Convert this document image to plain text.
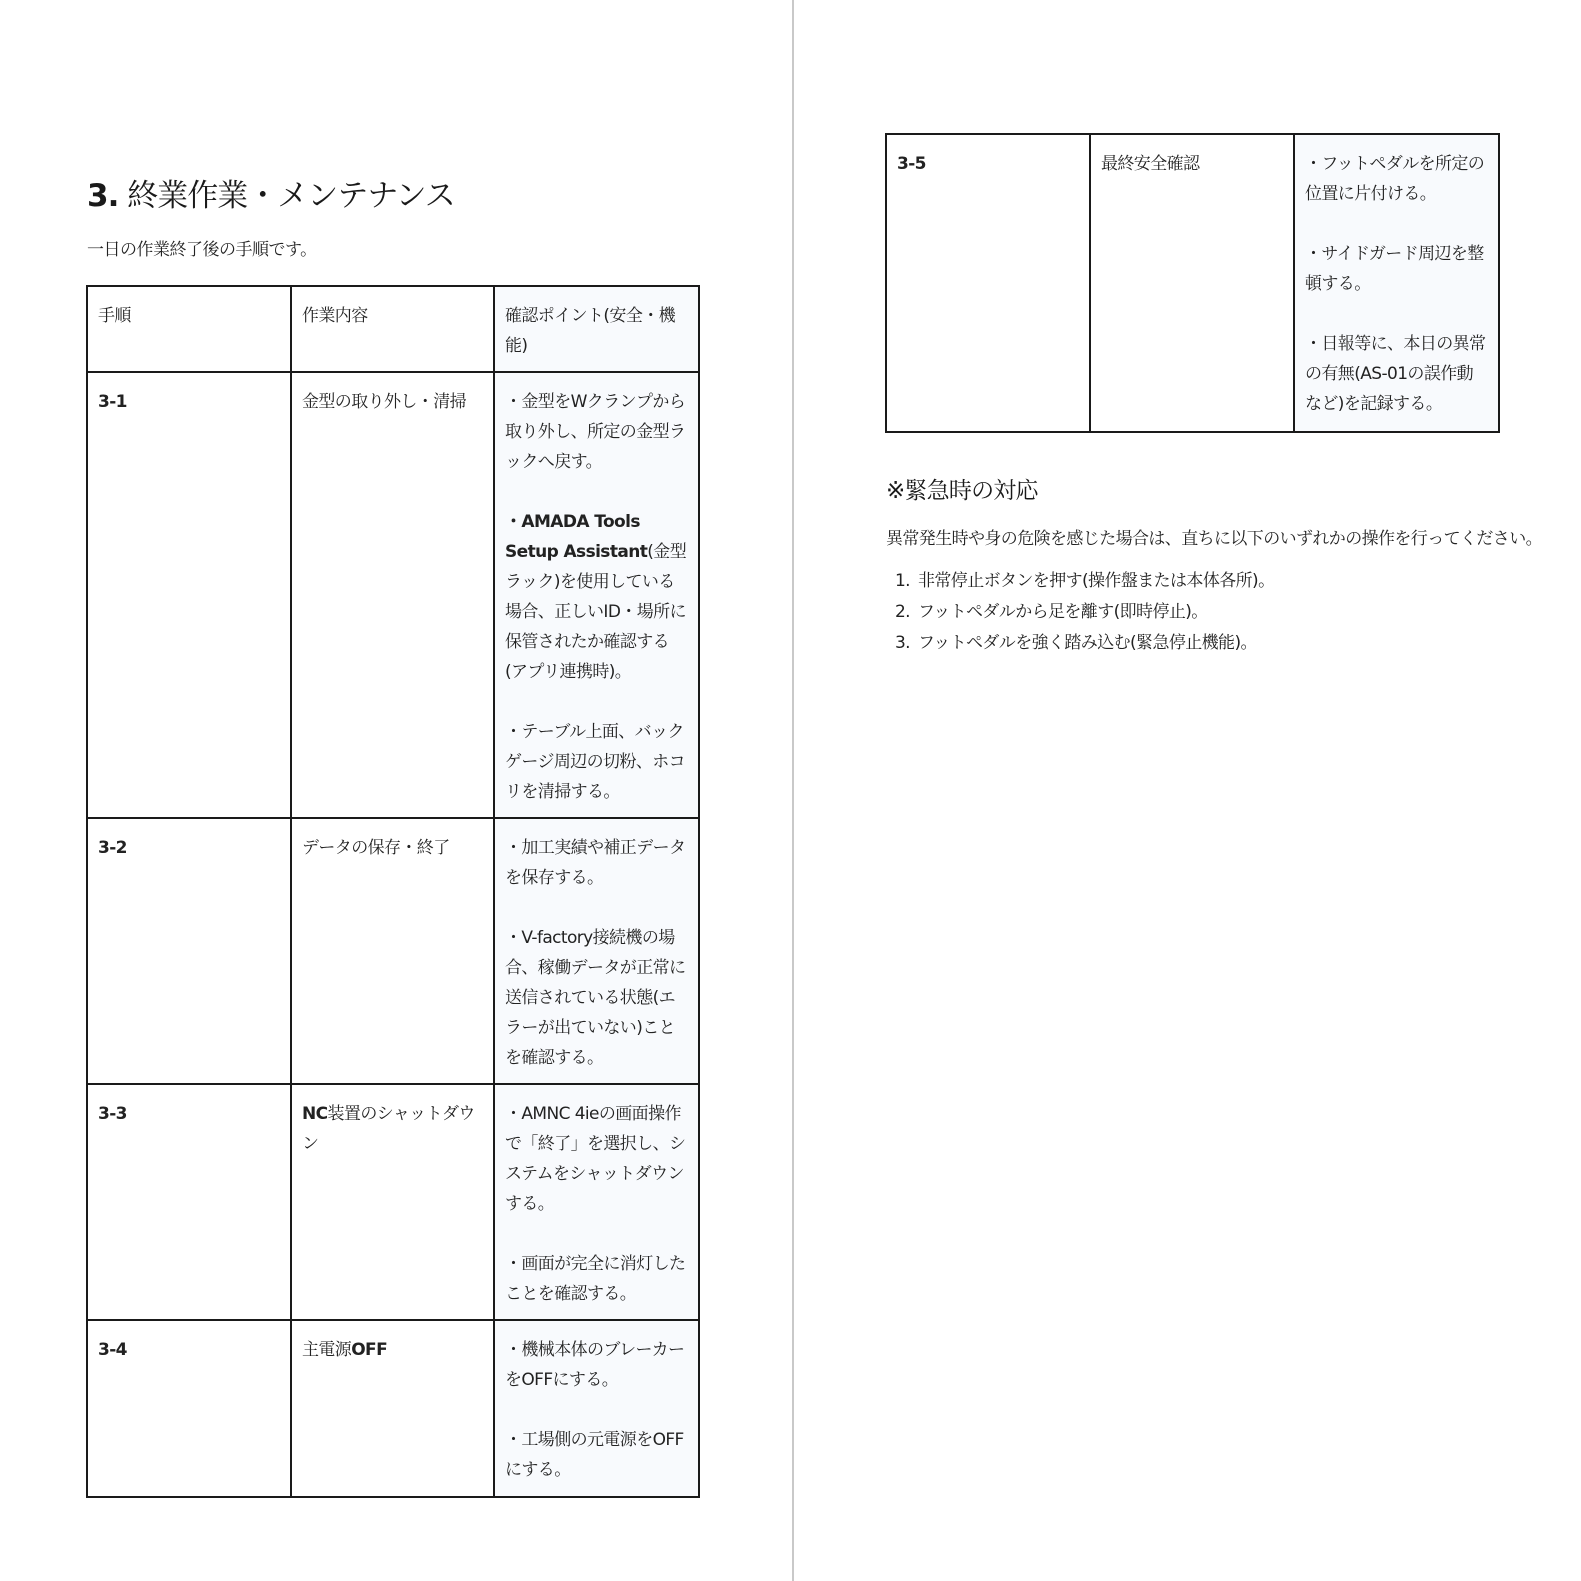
3. 終業作業・メンテナンス

一日の作業終了後の手順です。

手順	作業内容	確認ポイント(安全・機能)
3-1	金型の取り外し・清掃	・金型をWクランプから取り外し、所定の金型ラックへ戻す。
・AMADA Tools Setup Assistant(金型ラック)を使用している場合、正しいID・場所に保管されたか確認する(アプリ連携時)。
・テーブル上面、バックゲージ周辺の切粉、ホコリを清掃する。

3-2	データの保存・終了	・加工実績や補正データを保存する。
・V-factory接続機の場合、稼働データが正常に送信されている状態(エラーが出ていない)ことを確認する。

3-3	NC装置のシャットダウン	・AMNC 4ieの画面操作で「終了」を選択し、システムをシャットダウンする。
・画面が完全に消灯したことを確認する。

3-4	主電源OFF	・機械本体のブレーカーをOFFにする。
・工場側の元電源をOFFにする。
3-5	最終安全確認	・フットペダルを所定の位置に片付ける。
・サイドガード周辺を整頓する。
・日報等に、本日の異常の有無(AS-01の誤作動など)を記録する。
※緊急時の対応

異常発生時や身の危険を感じた場合は、直ちに以下のいずれかの操作を行ってください。

1. 非常停止ボタンを押す(操作盤または本体各所)。
2. フットペダルから足を離す(即時停止)。
3. フットペダルを強く踏み込む(緊急停止機能)。
